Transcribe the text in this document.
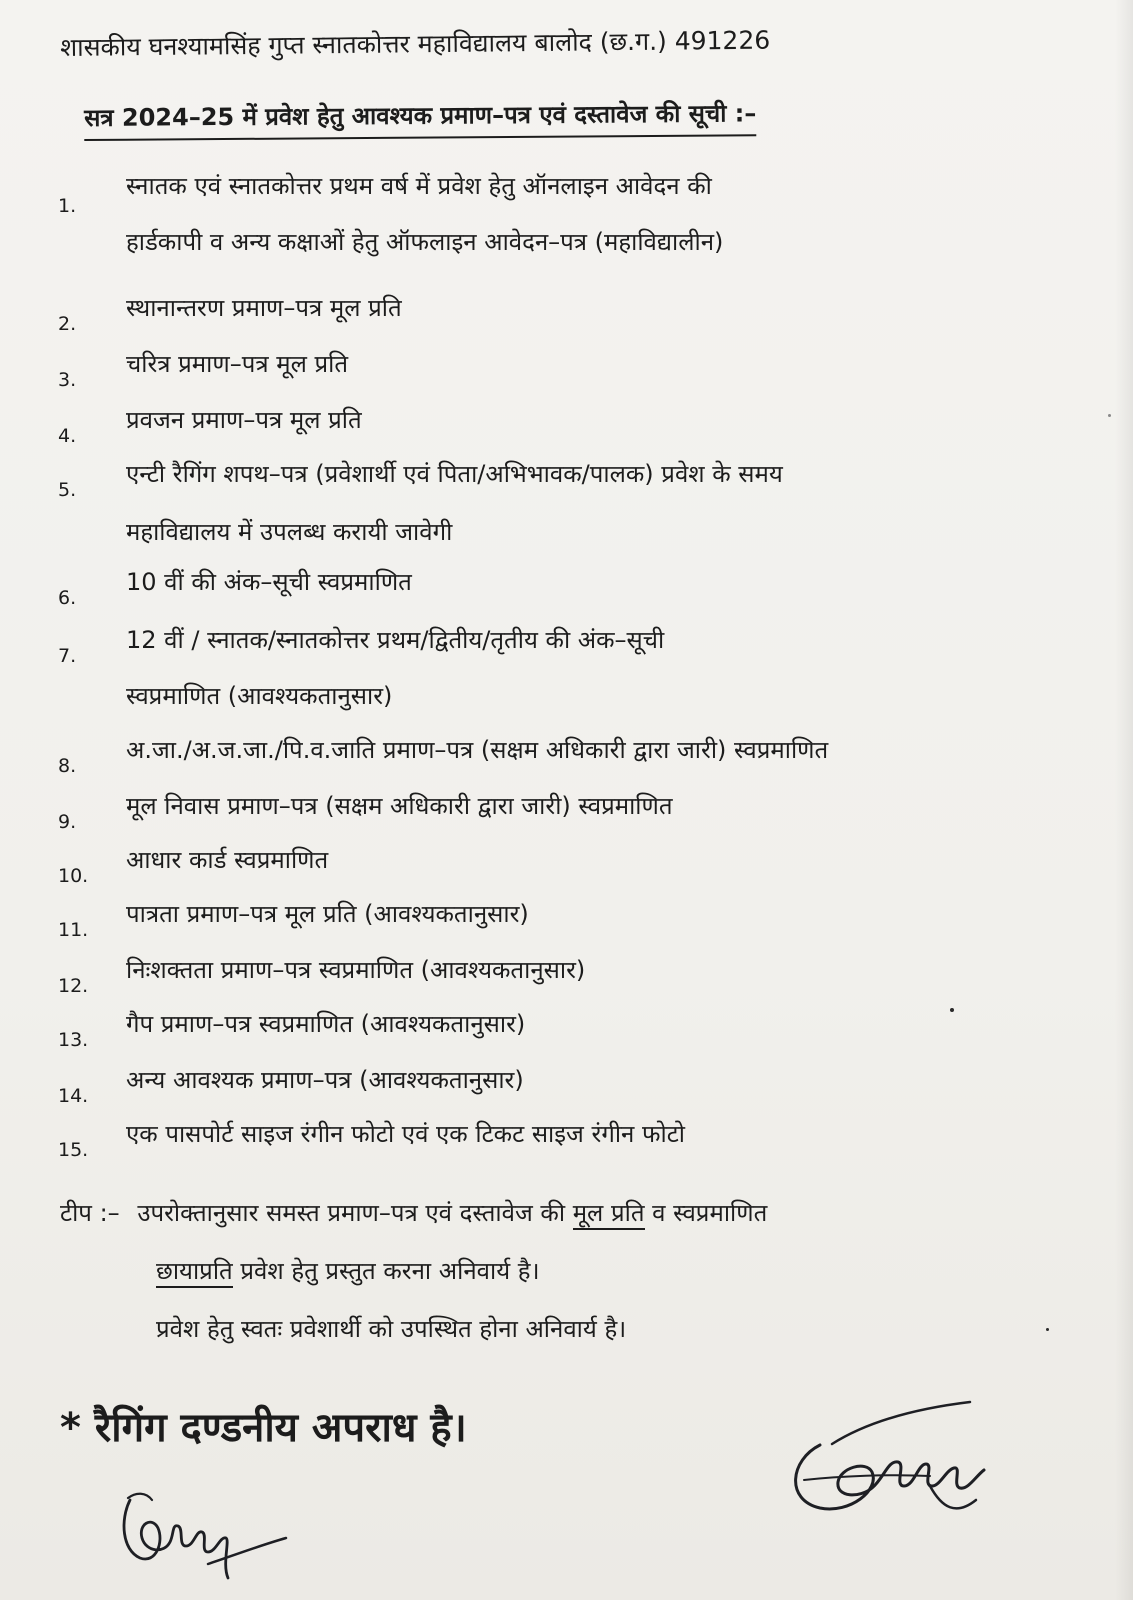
शासकीय घनश्यामसिंह गुप्त स्नातकोत्तर महाविद्यालय बालोद (छ.ग.) 491226
सत्र 2024–25 में प्रवेश हेतु आवश्यक प्रमाण–पत्र एवं दस्तावेज की सूची :–
1.
स्नातक एवं स्नातकोत्तर प्रथम वर्ष में प्रवेश हेतु ऑनलाइन आवेदन की
हार्डकापी व अन्य कक्षाओं हेतु ऑफलाइन आवेदन–पत्र (महाविद्यालीन)
2.
स्थानान्तरण प्रमाण–पत्र मूल प्रति
3.
चरित्र प्रमाण–पत्र मूल प्रति
4.
प्रवजन प्रमाण–पत्र मूल प्रति
5.
एन्टी रैगिंग शपथ–पत्र (प्रवेशार्थी एवं पिता/अभिभावक/पालक) प्रवेश के समय
महाविद्यालय में उपलब्ध करायी जावेगी
6.
10 वीं की अंक–सूची स्वप्रमाणित
7.
12 वीं / स्नातक/स्नातकोत्तर प्रथम/द्वितीय/तृतीय की अंक–सूची
स्वप्रमाणित (आवश्यकतानुसार)
8.
अ.जा./अ.ज.जा./पि.व.जाति प्रमाण–पत्र (सक्षम अधिकारी द्वारा जारी) स्वप्रमाणित
9.
मूल निवास प्रमाण–पत्र (सक्षम अधिकारी द्वारा जारी) स्वप्रमाणित
10.
आधार कार्ड स्वप्रमाणित
11.
पात्रता प्रमाण–पत्र मूल प्रति (आवश्यकतानुसार)
12.
निःशक्तता प्रमाण–पत्र स्वप्रमाणित (आवश्यकतानुसार)
13.
गैप प्रमाण–पत्र स्वप्रमाणित (आवश्यकतानुसार)
14.
अन्य आवश्यक प्रमाण–पत्र (आवश्यकतानुसार)
15.
एक पासपोर्ट साइज रंगीन फोटो एवं एक टिकट साइज रंगीन फोटो
टीप :– उपरोक्तानुसार समस्त प्रमाण–पत्र एवं दस्तावेज की मूल प्रति व स्वप्रमाणित
छायाप्रति प्रवेश हेतु प्रस्तुत करना अनिवार्य है।
प्रवेश हेतु स्वतः प्रवेशार्थी को उपस्थित होना अनिवार्य है।
* रैगिंग दण्डनीय अपराध है।
